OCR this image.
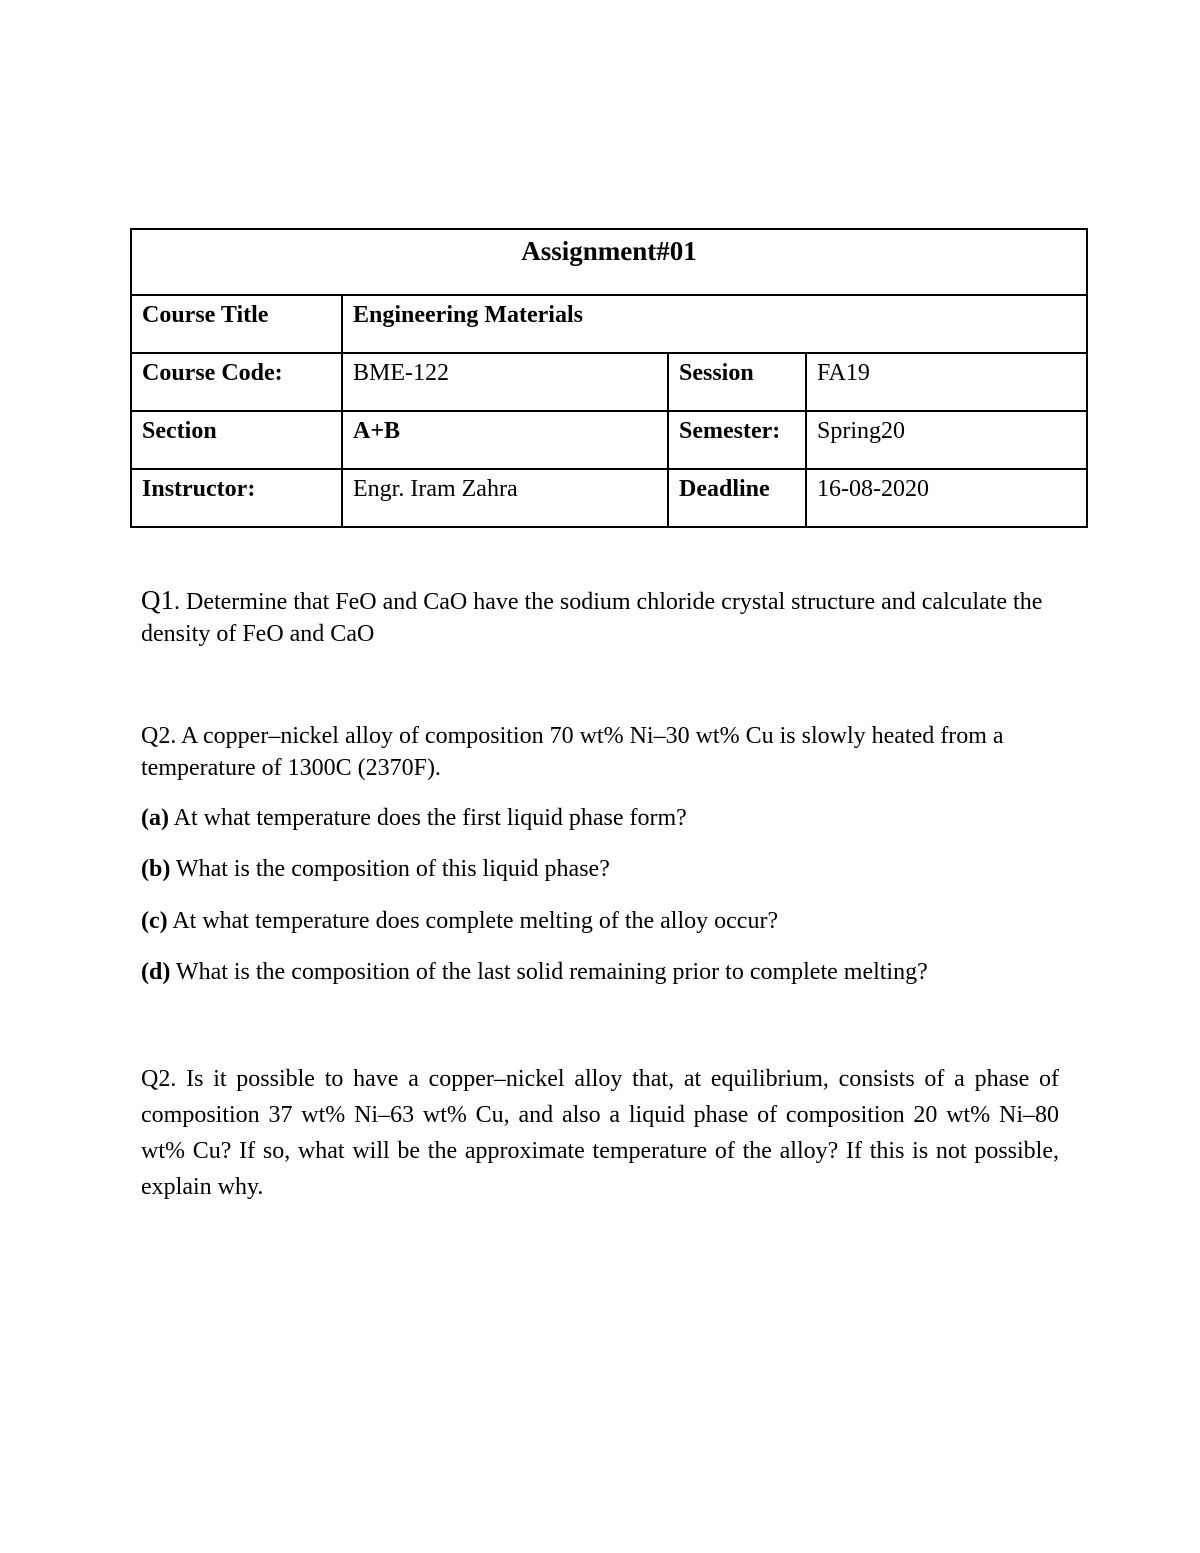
Assignment#01			
Course Title	Engineering Materials		
Course Code:	BME-122	Session	FA19
Section	A+B	Semester:	Spring20
Instructor:	Engr. Iram Zahra	Deadline	16-08-2020

Q1. Determine that FeO and CaO have the sodium chloride crystal structure and calculate the density of FeO and CaO

Q2. A copper–nickel alloy of composition 70 wt% Ni–30 wt% Cu is slowly heated from a temperature of 1300C (2370F).

(a) At what temperature does the first liquid phase form?

(b) What is the composition of this liquid phase?

(c) At what temperature does complete melting of the alloy occur?

(d) What is the composition of the last solid remaining prior to complete melting?

Q2. Is it possible to have a copper–nickel alloy that, at equilibrium, consists of a phase of composition 37 wt% Ni–63 wt% Cu, and also a liquid phase of composition 20 wt% Ni–80 wt% Cu? If so, what will be the approximate temperature of the alloy? If this is not possible, explain why.
